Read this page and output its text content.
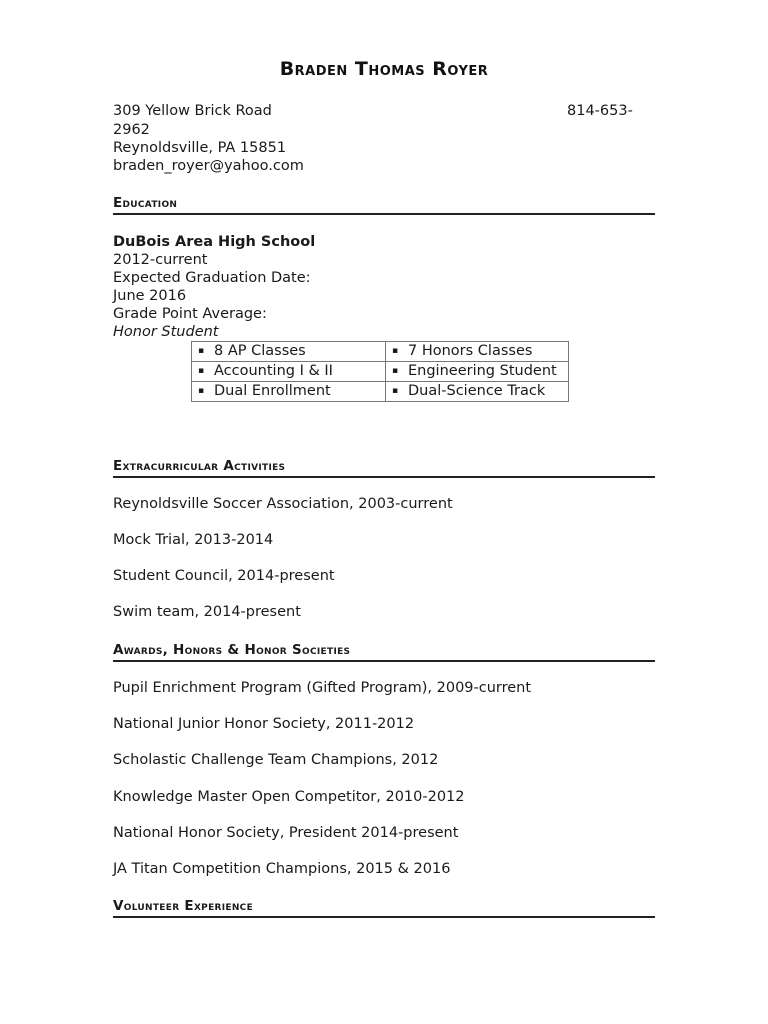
Braden Thomas Royer
309 Yellow Brick Road	814-653-
2962
Reynoldsville, PA 15851
braden_royer@yahoo.com
Education
DuBois Area High School
2012-current
Expected Graduation Date:
June 2016
Grade Point Average:
Honor Student
▪ 8 AP Classes	▪ 7 Honors Classes
▪ Accounting I & II	▪ Engineering Student
▪ Dual Enrollment	▪ Dual-Science Track
Extracurricular Activities
Reynoldsville Soccer Association, 2003-current
Mock Trial, 2013-2014
Student Council, 2014-present
Swim team, 2014-present
Awards, Honors & Honor Societies
Pupil Enrichment Program (Gifted Program), 2009-current
National Junior Honor Society, 2011-2012
Scholastic Challenge Team Champions, 2012
Knowledge Master Open Competitor, 2010-2012
National Honor Society, President 2014-present
JA Titan Competition Champions, 2015 & 2016
Volunteer Experience
